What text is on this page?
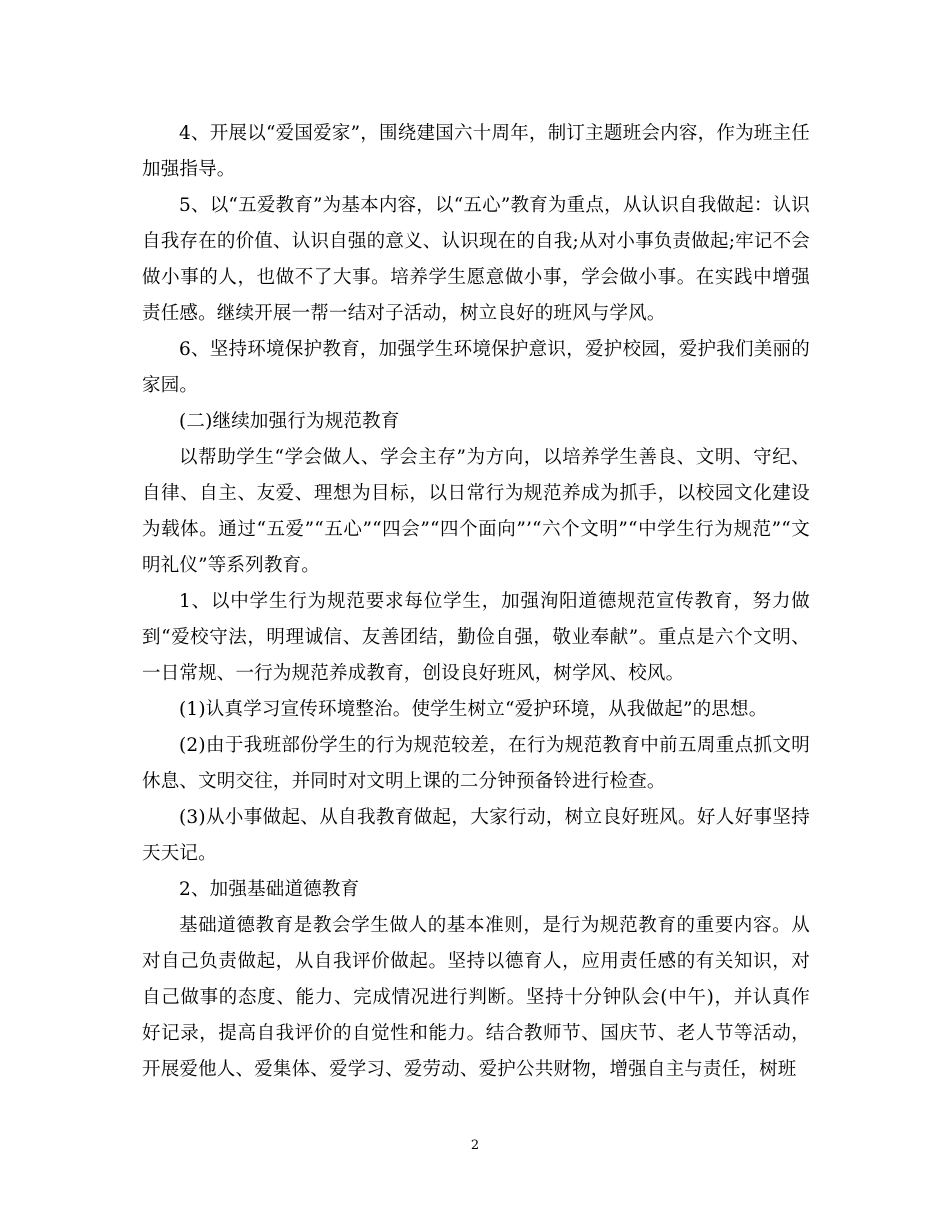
4、开展以“爱国爱家”，围绕建国六十周年，制订主题班会内容，作为班主任加强指导。

5、以“五爱教育”为基本内容，以“五心”教育为重点，从认识自我做起：认识自我存在的价值、认识自强的意义、认识现在的自我;从对小事负责做起;牢记不会做小事的人，也做不了大事。培养学生愿意做小事，学会做小事。在实践中增强责任感。继续开展一帮一结对子活动，树立良好的班风与学风。

6、坚持环境保护教育，加强学生环境保护意识，爱护校园，爱护我们美丽的家园。

(二)继续加强行为规范教育

以帮助学生“学会做人、学会主存”为方向，以培养学生善良、文明、守纪、自律、自主、友爱、理想为目标，以日常行为规范养成为抓手，以校园文化建设为载体。通过“五爱”“五心”“四会”“四个面向”’“六个文明”“中学生行为规范”“文明礼仪”等系列教育。

1、以中学生行为规范要求每位学生，加强洵阳道德规范宣传教育，努力做到“爱校守法，明理诚信、友善团结，勤俭自强，敬业奉献”。重点是六个文明、一日常规、一行为规范养成教育，创设良好班风，树学风、校风。

(1)认真学习宣传环境整治。使学生树立“爱护环境，从我做起”的思想。

(2)由于我班部份学生的行为规范较差，在行为规范教育中前五周重点抓文明休息、文明交往，并同时对文明上课的二分钟预备铃进行检查。

(3)从小事做起、从自我教育做起，大家行动，树立良好班风。好人好事坚持天天记。

2、加强基础道德教育

基础道德教育是教会学生做人的基本准则，是行为规范教育的重要内容。从对自己负责做起，从自我评价做起。坚持以德育人，应用责任感的有关知识，对自己做事的态度、能力、完成情况进行判断。坚持十分钟队会(中午)，并认真作好记录，提高自我评价的自觉性和能力。结合教师节、国庆节、老人节等活动，开展爱他人、爱集体、爱学习、爱劳动、爱护公共财物，增强自主与责任，树班

2
